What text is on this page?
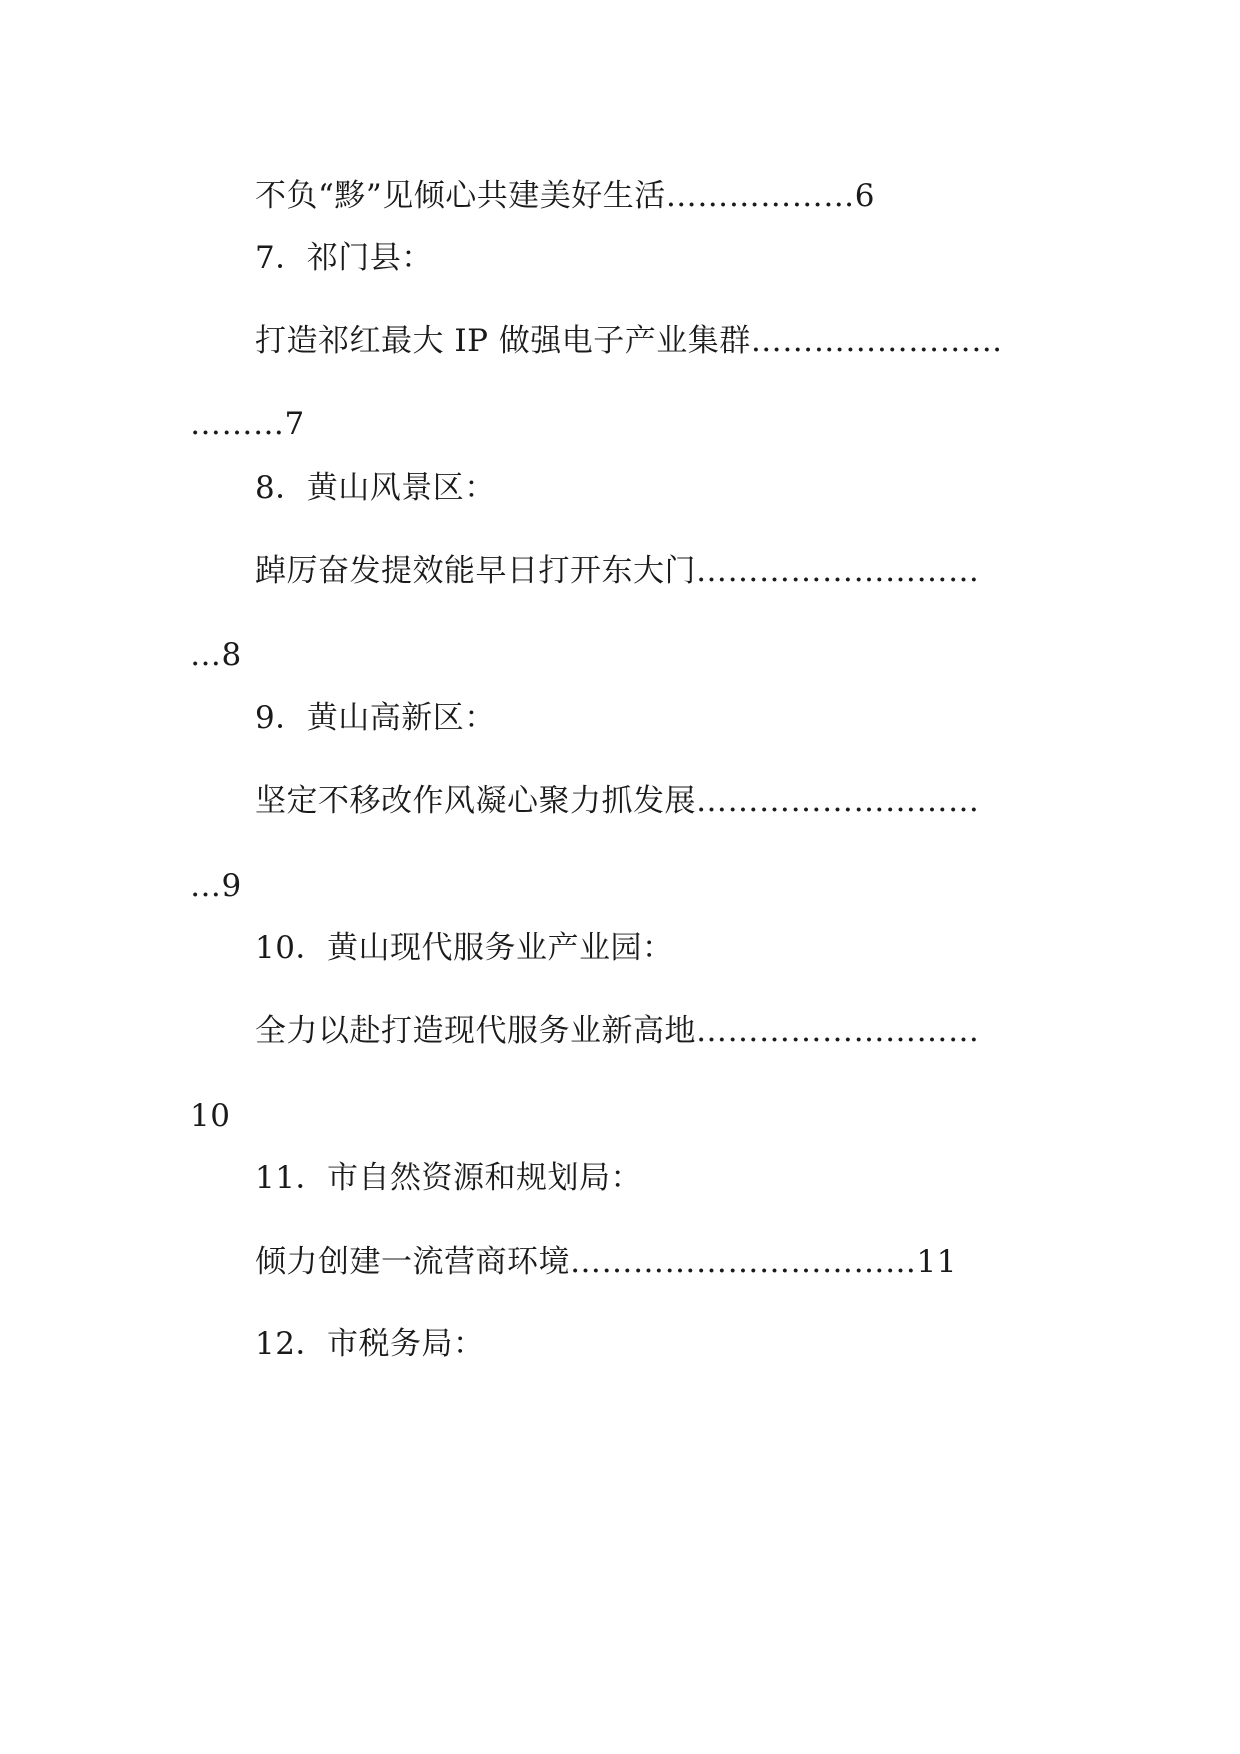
不负“黟”见倾心共建美好生活………………6
7．祁门县：
打造祁红最大 IP 做强电子产业集群……………………
………7
8．黄山风景区：
踔厉奋发提效能早日打开东大门………………………
…8
9．黄山高新区：
坚定不移改作风凝心聚力抓发展………………………
…9
10．黄山现代服务业产业园：
全力以赴打造现代服务业新高地………………………
10
11．市自然资源和规划局：
倾力创建一流营商环境……………………………11
12．市税务局：
